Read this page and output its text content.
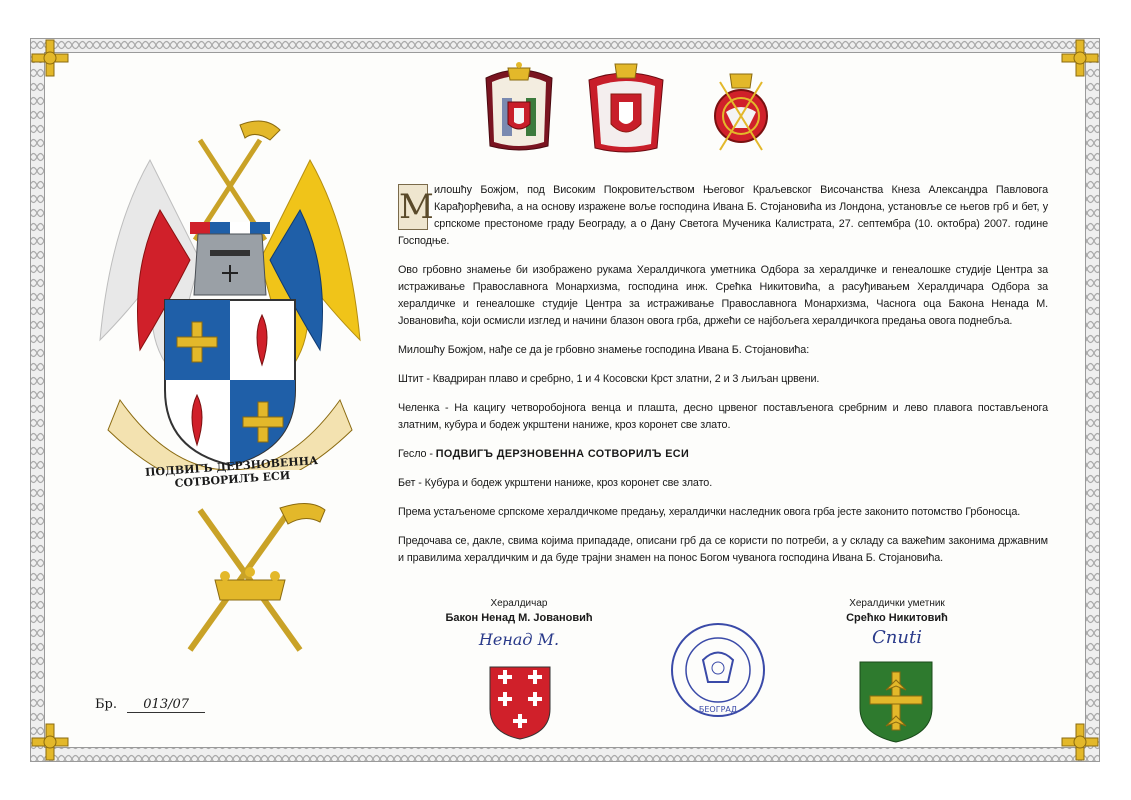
ПОДВИГЪ ДЕРЗНОВЕННА СОТВОРИЛЪ ЕСИ

М илошћу Божјом, под Високим Покровитељством Његовог Краљевског Височанства Кнеза Александра Павловога Карађорђевића, а на основу изражене воље господина Ивана Б. Стојановића из Лондона, установље се његов грб и бет, у српскоме престономе граду Београду, а о Дану Светога Мученика Калистрата, 27. септембра (10. октобра) 2007. године Господње.

Ово грбовно знамење би изображено рукама Хералдичкога уметника Одбора за хералдичке и генеалошке студије Центра за истраживање Православнога Монархизма, господина инж. Срећка Никитовића, а расуђивањем Хералдичара Одбора за хералдичке и генеалошке студије Центра за истраживање Православнога Монархизма, Часнога оца Бакона Ненада М. Јовановића, који осмисли изглед и начини блазон овога грба, држећи се најбољега хералдичкога предања овога поднебља.

Милошћу Божјом, нађе се да је грбовно знамење господина Ивана Б. Стојановића:

Штит - Квадриран плаво и сребрно, 1 и 4 Косовски Крст златни, 2 и 3 љиљан црвени.

Челенка - На кацигу четворобојнога венца и плашта, десно црвеног постављенога сребрним и лево плавога постављенога златним, кубура и бодеж укрштени наниже, кроз коронет све злато.

Гесло - ПОДВИГЪ ДЕРЗНОВЕННА СОТВОРИЛЪ ЕСИ

Бет - Кубура и бодеж укрштени наниже, кроз коронет све злато.

Према устаљеноме српскоме хералдичкоме предању, хералдички наследник овога грба јесте законито потомство Грбоносца.

Предочава се, дакле, свима којима припададе, описани грб да се користи по потреби, а у складу са важећим законима државним и правилима хералдичким и да буде трајни знамен на понос Богом чуванога господина Ивана Б. Стојановића.

Хералдичар
Бакон Ненад М. Јовановић
Ненад М.
БЕОГРАД
Хералдички уметник
Срећко Никитовић
Cnuti
Бр. 013/07
